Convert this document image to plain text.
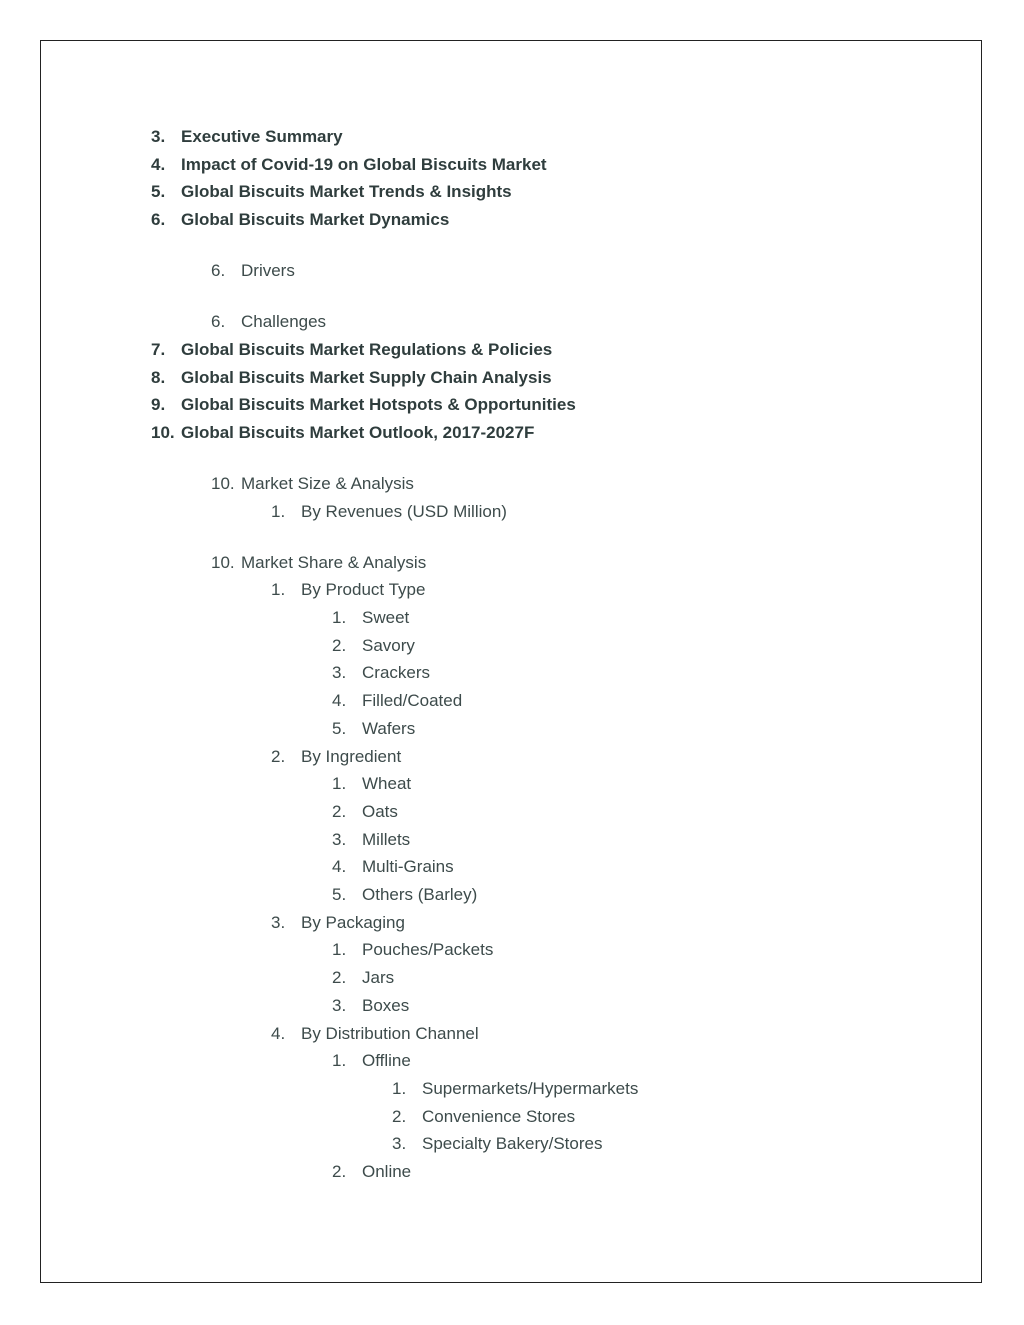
3. Executive Summary
4. Impact of Covid-19 on Global Biscuits Market
5. Global Biscuits Market Trends & Insights
6. Global Biscuits Market Dynamics
6. Drivers
6. Challenges
7. Global Biscuits Market Regulations & Policies
8. Global Biscuits Market Supply Chain Analysis
9. Global Biscuits Market Hotspots & Opportunities
10. Global Biscuits Market Outlook, 2017-2027F
10. Market Size & Analysis
1. By Revenues (USD Million)
10. Market Share & Analysis
1. By Product Type
1. Sweet
2. Savory
3. Crackers
4. Filled/Coated
5. Wafers
2. By Ingredient
1. Wheat
2. Oats
3. Millets
4. Multi-Grains
5. Others (Barley)
3. By Packaging
1. Pouches/Packets
2. Jars
3. Boxes
4. By Distribution Channel
1. Offline
1. Supermarkets/Hypermarkets
2. Convenience Stores
3. Specialty Bakery/Stores
2. Online
